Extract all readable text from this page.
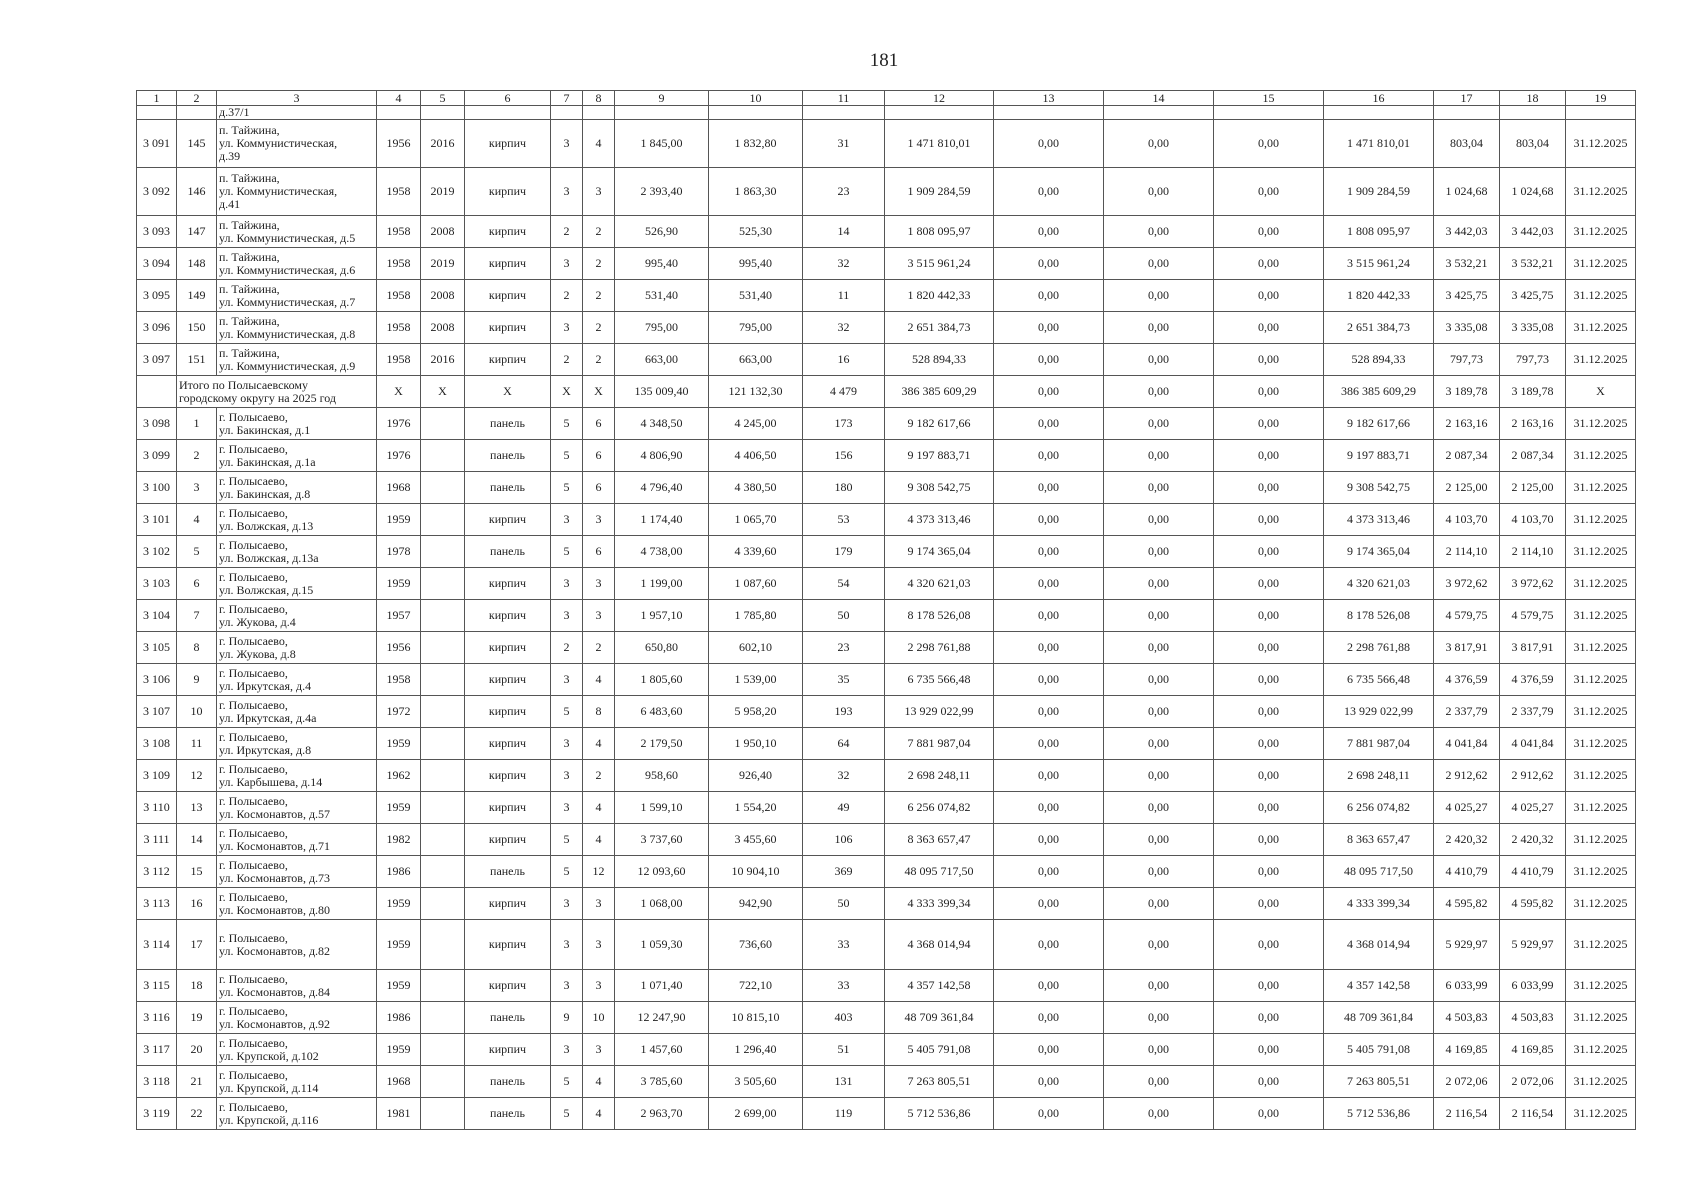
181
1	2	3	4	5	6	7	8	9	10	11	12	13	14	15	16	17	18	19

		д.37/1																

3 091	145	п. Тайжина,
ул. Коммунистическая,
д.39	1956	2016	кирпич	3	4	1 845,00	1 832,80	31	1 471 810,01	0,00	0,00	0,00	1 471 810,01	803,04	803,04	31.12.2025
3 092	146	п. Тайжина,
ул. Коммунистическая,
д.41	1958	2019	кирпич	3	3	2 393,40	1 863,30	23	1 909 284,59	0,00	0,00	0,00	1 909 284,59	1 024,68	1 024,68	31.12.2025
3 093	147	п. Тайжина,
ул. Коммунистическая, д.5	1958	2008	кирпич	2	2	526,90	525,30	14	1 808 095,97	0,00	0,00	0,00	1 808 095,97	3 442,03	3 442,03	31.12.2025
3 094	148	п. Тайжина,
ул. Коммунистическая, д.6	1958	2019	кирпич	3	2	995,40	995,40	32	3 515 961,24	0,00	0,00	0,00	3 515 961,24	3 532,21	3 532,21	31.12.2025
3 095	149	п. Тайжина,
ул. Коммунистическая, д.7	1958	2008	кирпич	2	2	531,40	531,40	11	1 820 442,33	0,00	0,00	0,00	1 820 442,33	3 425,75	3 425,75	31.12.2025
3 096	150	п. Тайжина,
ул. Коммунистическая, д.8	1958	2008	кирпич	3	2	795,00	795,00	32	2 651 384,73	0,00	0,00	0,00	2 651 384,73	3 335,08	3 335,08	31.12.2025
3 097	151	п. Тайжина,
ул. Коммунистическая, д.9	1958	2016	кирпич	2	2	663,00	663,00	16	528 894,33	0,00	0,00	0,00	528 894,33	797,73	797,73	31.12.2025

	Итого по Полысаевскому
городскому округу на 2025 год		X	X	X	X	X	135 009,40	121 132,30	4 479	386 385 609,29	0,00	0,00	0,00	386 385 609,29	3 189,78	3 189,78	X
3 098	1	г. Полысаево,
ул. Бакинская, д.1	1976		панель	5	6	4 348,50	4 245,00	173	9 182 617,66	0,00	0,00	0,00	9 182 617,66	2 163,16	2 163,16	31.12.2025
3 099	2	г. Полысаево,
ул. Бакинская, д.1а	1976		панель	5	6	4 806,90	4 406,50	156	9 197 883,71	0,00	0,00	0,00	9 197 883,71	2 087,34	2 087,34	31.12.2025
3 100	3	г. Полысаево,
ул. Бакинская, д.8	1968		панель	5	6	4 796,40	4 380,50	180	9 308 542,75	0,00	0,00	0,00	9 308 542,75	2 125,00	2 125,00	31.12.2025
3 101	4	г. Полысаево,
ул. Волжская, д.13	1959		кирпич	3	3	1 174,40	1 065,70	53	4 373 313,46	0,00	0,00	0,00	4 373 313,46	4 103,70	4 103,70	31.12.2025
3 102	5	г. Полысаево,
ул. Волжская, д.13а	1978		панель	5	6	4 738,00	4 339,60	179	9 174 365,04	0,00	0,00	0,00	9 174 365,04	2 114,10	2 114,10	31.12.2025
3 103	6	г. Полысаево,
ул. Волжская, д.15	1959		кирпич	3	3	1 199,00	1 087,60	54	4 320 621,03	0,00	0,00	0,00	4 320 621,03	3 972,62	3 972,62	31.12.2025
3 104	7	г. Полысаево,
ул. Жукова, д.4	1957		кирпич	3	3	1 957,10	1 785,80	50	8 178 526,08	0,00	0,00	0,00	8 178 526,08	4 579,75	4 579,75	31.12.2025
3 105	8	г. Полысаево,
ул. Жукова, д.8	1956		кирпич	2	2	650,80	602,10	23	2 298 761,88	0,00	0,00	0,00	2 298 761,88	3 817,91	3 817,91	31.12.2025
3 106	9	г. Полысаево,
ул. Иркутская, д.4	1958		кирпич	3	4	1 805,60	1 539,00	35	6 735 566,48	0,00	0,00	0,00	6 735 566,48	4 376,59	4 376,59	31.12.2025
3 107	10	г. Полысаево,
ул. Иркутская, д.4а	1972		кирпич	5	8	6 483,60	5 958,20	193	13 929 022,99	0,00	0,00	0,00	13 929 022,99	2 337,79	2 337,79	31.12.2025
3 108	11	г. Полысаево,
ул. Иркутская, д.8	1959		кирпич	3	4	2 179,50	1 950,10	64	7 881 987,04	0,00	0,00	0,00	7 881 987,04	4 041,84	4 041,84	31.12.2025
3 109	12	г. Полысаево,
ул. Карбышева, д.14	1962		кирпич	3	2	958,60	926,40	32	2 698 248,11	0,00	0,00	0,00	2 698 248,11	2 912,62	2 912,62	31.12.2025
3 110	13	г. Полысаево,
ул. Космонавтов, д.57	1959		кирпич	3	4	1 599,10	1 554,20	49	6 256 074,82	0,00	0,00	0,00	6 256 074,82	4 025,27	4 025,27	31.12.2025
3 111	14	г. Полысаево,
ул. Космонавтов, д.71	1982		кирпич	5	4	3 737,60	3 455,60	106	8 363 657,47	0,00	0,00	0,00	8 363 657,47	2 420,32	2 420,32	31.12.2025
3 112	15	г. Полысаево,
ул. Космонавтов, д.73	1986		панель	5	12	12 093,60	10 904,10	369	48 095 717,50	0,00	0,00	0,00	48 095 717,50	4 410,79	4 410,79	31.12.2025
3 113	16	г. Полысаево,
ул. Космонавтов, д.80	1959		кирпич	3	3	1 068,00	942,90	50	4 333 399,34	0,00	0,00	0,00	4 333 399,34	4 595,82	4 595,82	31.12.2025
3 114	17	г. Полысаево,
ул. Космонавтов, д.82	1959		кирпич	3	3	1 059,30	736,60	33	4 368 014,94	0,00	0,00	0,00	4 368 014,94	5 929,97	5 929,97	31.12.2025
3 115	18	г. Полысаево,
ул. Космонавтов, д.84	1959		кирпич	3	3	1 071,40	722,10	33	4 357 142,58	0,00	0,00	0,00	4 357 142,58	6 033,99	6 033,99	31.12.2025
3 116	19	г. Полысаево,
ул. Космонавтов, д.92	1986		панель	9	10	12 247,90	10 815,10	403	48 709 361,84	0,00	0,00	0,00	48 709 361,84	4 503,83	4 503,83	31.12.2025
3 117	20	г. Полысаево,
ул. Крупской, д.102	1959		кирпич	3	3	1 457,60	1 296,40	51	5 405 791,08	0,00	0,00	0,00	5 405 791,08	4 169,85	4 169,85	31.12.2025
3 118	21	г. Полысаево,
ул. Крупской, д.114	1968		панель	5	4	3 785,60	3 505,60	131	7 263 805,51	0,00	0,00	0,00	7 263 805,51	2 072,06	2 072,06	31.12.2025
3 119	22	г. Полысаево,
ул. Крупской, д.116	1981		панель	5	4	2 963,70	2 699,00	119	5 712 536,86	0,00	0,00	0,00	5 712 536,86	2 116,54	2 116,54	31.12.2025
